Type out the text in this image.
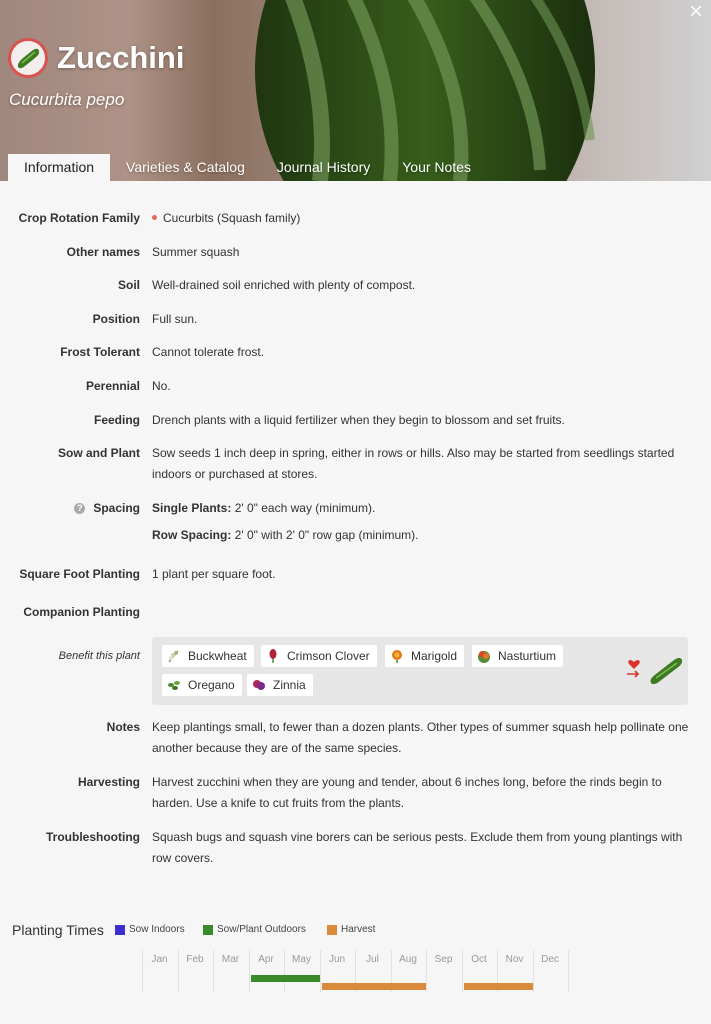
×
Zucchini
Cucurbita pepo
Information	Varieties & Catalog	Journal History	Your Notes
Crop Rotation Family	Cucurbits (Squash family)
Other names Summer squash
Soil Well-drained soil enriched with plenty of compost.
Position Full sun.
Frost Tolerant Cannot tolerate frost.
Perennial No.
Feeding Drench plants with a liquid fertilizer when they begin to blossom and set fruits.
Sow and Plant Sow seeds 1 inch deep in spring, either in rows or hills. Also may be started from seedlings started indoors or purchased at stores.
? Spacing Single Plants: 2' 0" each way (minimum).
Row Spacing: 2' 0" with 2' 0" row gap (minimum).
Square Foot Planting 1 plant per square foot.
Companion Planting
Benefit this plant	Buckwheat	Crimson Clover	Marigold	Nasturtium
Oregano	Zinnia
Notes Keep plantings small, to fewer than a dozen plants. Other types of summer squash help pollinate one another because they are of the same species.
Harvesting Harvest zucchini when they are young and tender, about 6 inches long, before the rinds begin to harden. Use a knife to cut fruits from the plants.
Troubleshooting Squash bugs and squash vine borers can be serious pests. Exclude them from young plantings with row covers.
Planting Times	Sow Indoors	Sow/Plant Outdoors	Harvest
Jan	Feb	Mar	Apr	May	Jun	Jul	Aug	Sep	Oct	Nov	Dec
